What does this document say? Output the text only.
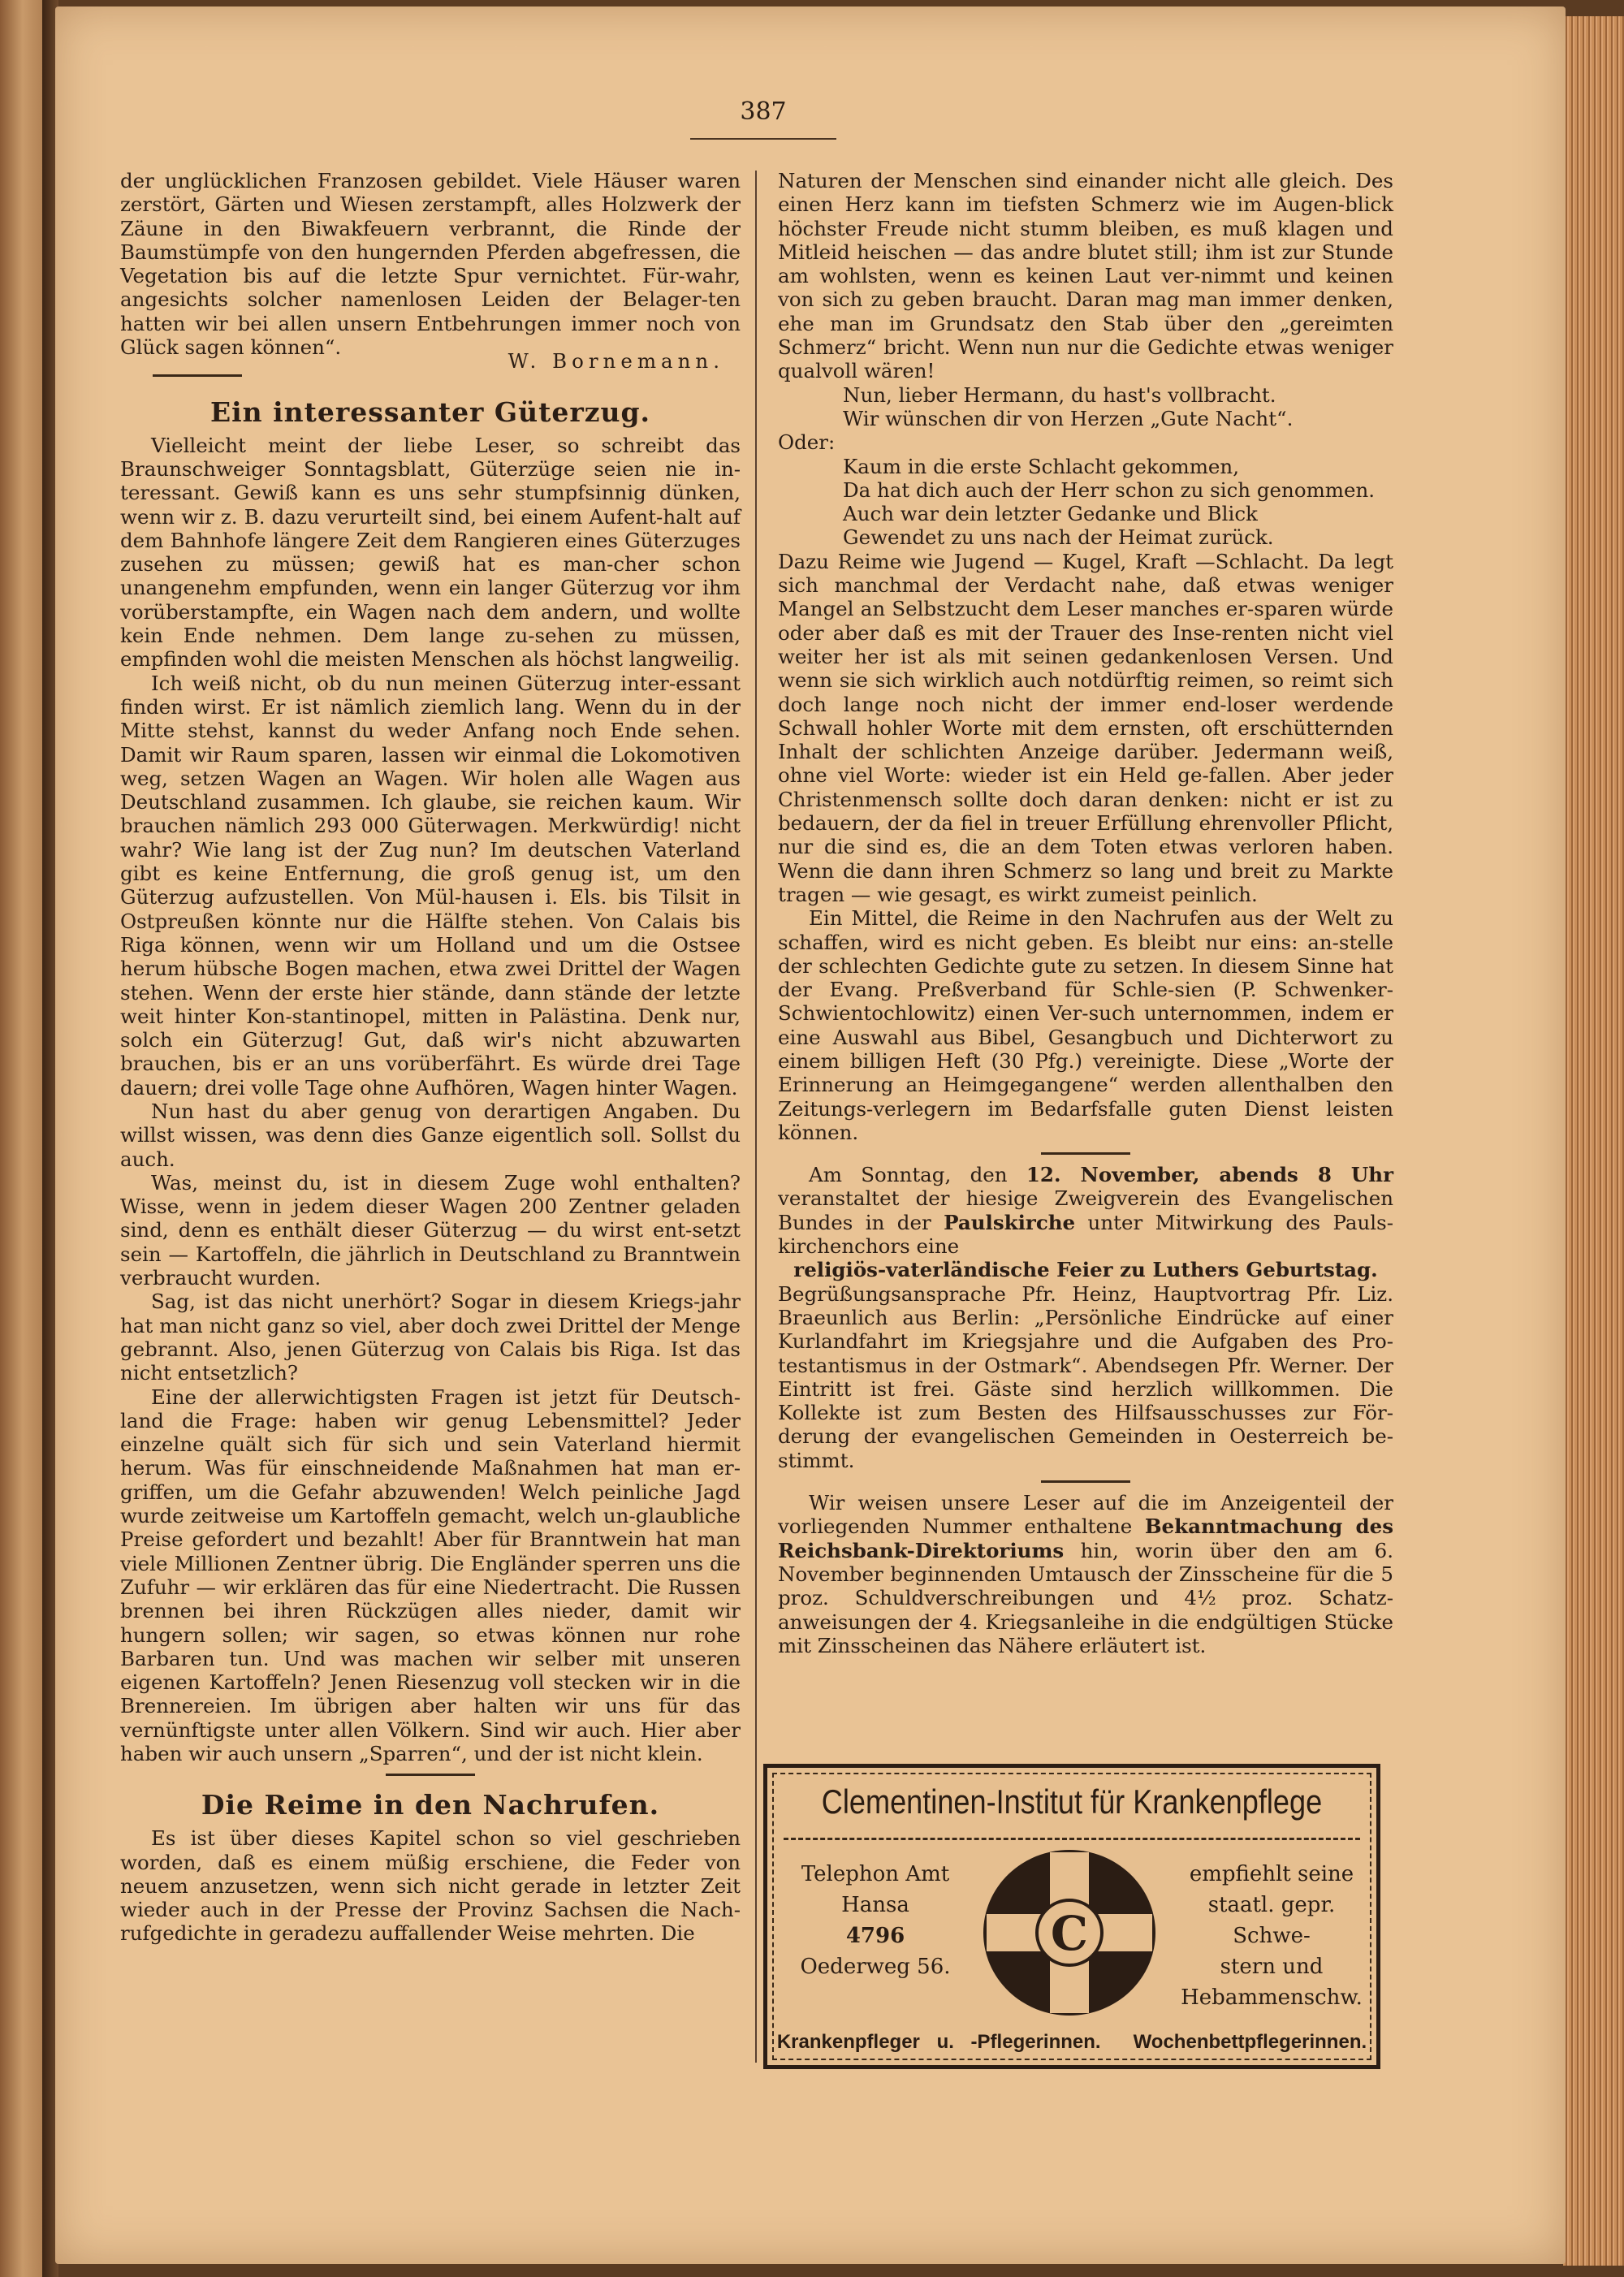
387

der unglücklichen Franzosen gebildet. Viele Häuser waren zerstört, Gärten und Wiesen zerstampft, alles Holzwerk der Zäune in den Biwakfeuern verbrannt, die Rinde der Baumstümpfe von den hungernden Pferden abgefressen, die Vegetation bis auf die letzte Spur vernichtet. Für-wahr, angesichts solcher namenlosen Leiden der Belager-ten hatten wir bei allen unsern Entbehrungen immer noch von Glück sagen können“.

W. Bornemann.
Ein interessanter Güterzug.

Vielleicht meint der liebe Leser, so schreibt das Braunschweiger Sonntagsblatt, Güterzüge seien nie in-teressant. Gewiß kann es uns sehr stumpfsinnig dünken, wenn wir z. B. dazu verurteilt sind, bei einem Aufent-halt auf dem Bahnhofe längere Zeit dem Rangieren eines Güterzuges zusehen zu müssen; gewiß hat es man-cher schon unangenehm empfunden, wenn ein langer Güterzug vor ihm vorüberstampfte, ein Wagen nach dem andern, und wollte kein Ende nehmen. Dem lange zu-sehen zu müssen, empfinden wohl die meisten Menschen als höchst langweilig.

Ich weiß nicht, ob du nun meinen Güterzug inter-essant finden wirst. Er ist nämlich ziemlich lang. Wenn du in der Mitte stehst, kannst du weder Anfang noch Ende sehen. Damit wir Raum sparen, lassen wir einmal die Lokomotiven weg, setzen Wagen an Wagen. Wir holen alle Wagen aus Deutschland zusammen. Ich glaube, sie reichen kaum. Wir brauchen nämlich 293 000 Güterwagen. Merkwürdig! nicht wahr? Wie lang ist der Zug nun? Im deutschen Vaterland gibt es keine Entfernung, die groß genug ist, um den Güterzug aufzustellen. Von Mül-hausen i. Els. bis Tilsit in Ostpreußen könnte nur die Hälfte stehen. Von Calais bis Riga können, wenn wir um Holland und um die Ostsee herum hübsche Bogen machen, etwa zwei Drittel der Wagen stehen. Wenn der erste hier stände, dann stände der letzte weit hinter Kon-stantinopel, mitten in Palästina. Denk nur, solch ein Güterzug! Gut, daß wir's nicht abzuwarten brauchen, bis er an uns vorüberfährt. Es würde drei Tage dauern; drei volle Tage ohne Aufhören, Wagen hinter Wagen.

Nun hast du aber genug von derartigen Angaben. Du willst wissen, was denn dies Ganze eigentlich soll. Sollst du auch.

Was, meinst du, ist in diesem Zuge wohl enthalten? Wisse, wenn in jedem dieser Wagen 200 Zentner geladen sind, denn es enthält dieser Güterzug — du wirst ent-setzt sein — Kartoffeln, die jährlich in Deutschland zu Branntwein verbraucht wurden.

Sag, ist das nicht unerhört? Sogar in diesem Kriegs-jahr hat man nicht ganz so viel, aber doch zwei Drittel der Menge gebrannt. Also, jenen Güterzug von Calais bis Riga. Ist das nicht entsetzlich?

Eine der allerwichtigsten Fragen ist jetzt für Deutsch-land die Frage: haben wir genug Lebensmittel? Jeder einzelne quält sich für sich und sein Vaterland hiermit herum. Was für einschneidende Maßnahmen hat man er-griffen, um die Gefahr abzuwenden! Welch peinliche Jagd wurde zeitweise um Kartoffeln gemacht, welch un-glaubliche Preise gefordert und bezahlt! Aber für Branntwein hat man viele Millionen Zentner übrig. Die Engländer sperren uns die Zufuhr — wir erklären das für eine Niedertracht. Die Russen brennen bei ihren Rückzügen alles nieder, damit wir hungern sollen; wir sagen, so etwas können nur rohe Barbaren tun. Und was machen wir selber mit unseren eigenen Kartoffeln? Jenen Riesenzug voll stecken wir in die Brennereien. Im übrigen aber halten wir uns für das vernünftigste unter allen Völkern. Sind wir auch. Hier aber haben wir auch unsern „Sparren“, und der ist nicht klein.

Die Reime in den Nachrufen.

Es ist über dieses Kapitel schon so viel geschrieben worden, daß es einem müßig erschiene, die Feder von neuem anzusetzen, wenn sich nicht gerade in letzter Zeit wieder auch in der Presse der Provinz Sachsen die Nach-rufgedichte in geradezu auffallender Weise mehrten. Die

Naturen der Menschen sind einander nicht alle gleich. Des einen Herz kann im tiefsten Schmerz wie im Augen-blick höchster Freude nicht stumm bleiben, es muß klagen und Mitleid heischen — das andre blutet still; ihm ist zur Stunde am wohlsten, wenn es keinen Laut ver-nimmt und keinen von sich zu geben braucht. Daran mag man immer denken, ehe man im Grundsatz den Stab über den „gereimten Schmerz“ bricht. Wenn nun nur die Gedichte etwas weniger qualvoll wären!

Nun, lieber Hermann, du hast's vollbracht.

Wir wünschen dir von Herzen „Gute Nacht“.

Oder:

Kaum in die erste Schlacht gekommen,
Da hat dich auch der Herr schon zu sich genommen.
Auch war dein letzter Gedanke und Blick
Gewendet zu uns nach der Heimat zurück.

Dazu Reime wie Jugend — Kugel, Kraft —Schlacht. Da legt sich manchmal der Verdacht nahe, daß etwas weniger Mangel an Selbstzucht dem Leser manches er-sparen würde oder aber daß es mit der Trauer des Inse-renten nicht viel weiter her ist als mit seinen gedankenlosen Versen. Und wenn sie sich wirklich auch notdürftig reimen, so reimt sich doch lange noch nicht der immer end-loser werdende Schwall hohler Worte mit dem ernsten, oft erschütternden Inhalt der schlichten Anzeige darüber. Jedermann weiß, ohne viel Worte: wieder ist ein Held ge-fallen. Aber jeder Christenmensch sollte doch daran denken: nicht er ist zu bedauern, der da fiel in treuer Erfüllung ehrenvoller Pflicht, nur die sind es, die an dem Toten etwas verloren haben. Wenn die dann ihren Schmerz so lang und breit zu Markte tragen — wie gesagt, es wirkt zumeist peinlich.

Ein Mittel, die Reime in den Nachrufen aus der Welt zu schaffen, wird es nicht geben. Es bleibt nur eins: an-stelle der schlechten Gedichte gute zu setzen. In diesem Sinne hat der Evang. Preßverband für Schle-sien (P. Schwenker-Schwientochlowitz) einen Ver-such unternommen, indem er eine Auswahl aus Bibel, Gesangbuch und Dichterwort zu einem billigen Heft (30 Pfg.) vereinigte. Diese „Worte der Erinnerung an Heimgegangene“ werden allenthalben den Zeitungs-verlegern im Bedarfsfalle guten Dienst leisten können.

Am Sonntag, den 12. November, abends 8 Uhr veranstaltet der hiesige Zweigverein des Evangelischen Bundes in der Paulskirche unter Mitwirkung des Pauls-kirchenchors eine

religiös-vaterländische Feier zu Luthers Geburtstag.

Begrüßungsansprache Pfr. Heinz, Hauptvortrag Pfr. Liz. Braeunlich aus Berlin: „Persönliche Eindrücke auf einer Kurlandfahrt im Kriegsjahre und die Aufgaben des Pro-testantismus in der Ostmark“. Abendsegen Pfr. Werner. Der Eintritt ist frei. Gäste sind herzlich willkommen. Die Kollekte ist zum Besten des Hilfsausschusses zur För-derung der evangelischen Gemeinden in Oesterreich be-stimmt.

Wir weisen unsere Leser auf die im Anzeigenteil der vorliegenden Nummer enthaltene Bekanntmachung des Reichsbank-Direktoriums hin, worin über den am 6. November beginnenden Umtausch der Zinsscheine für die 5 proz. Schuldverschreibungen und 4½ proz. Schatz-anweisungen der 4. Kriegsanleihe in die endgültigen Stücke mit Zinsscheinen das Nähere erläutert ist.

Clementinen-Institut für Krankenpflege
Telephon Amt
Hansa
4796
Oederweg 56.
C
empfiehlt seine
staatl. gepr. Schwe-
stern und
Hebammenschw.
Krankenpfleger u. -Pflegerinnen. Wochenbettpflegerinnen.
